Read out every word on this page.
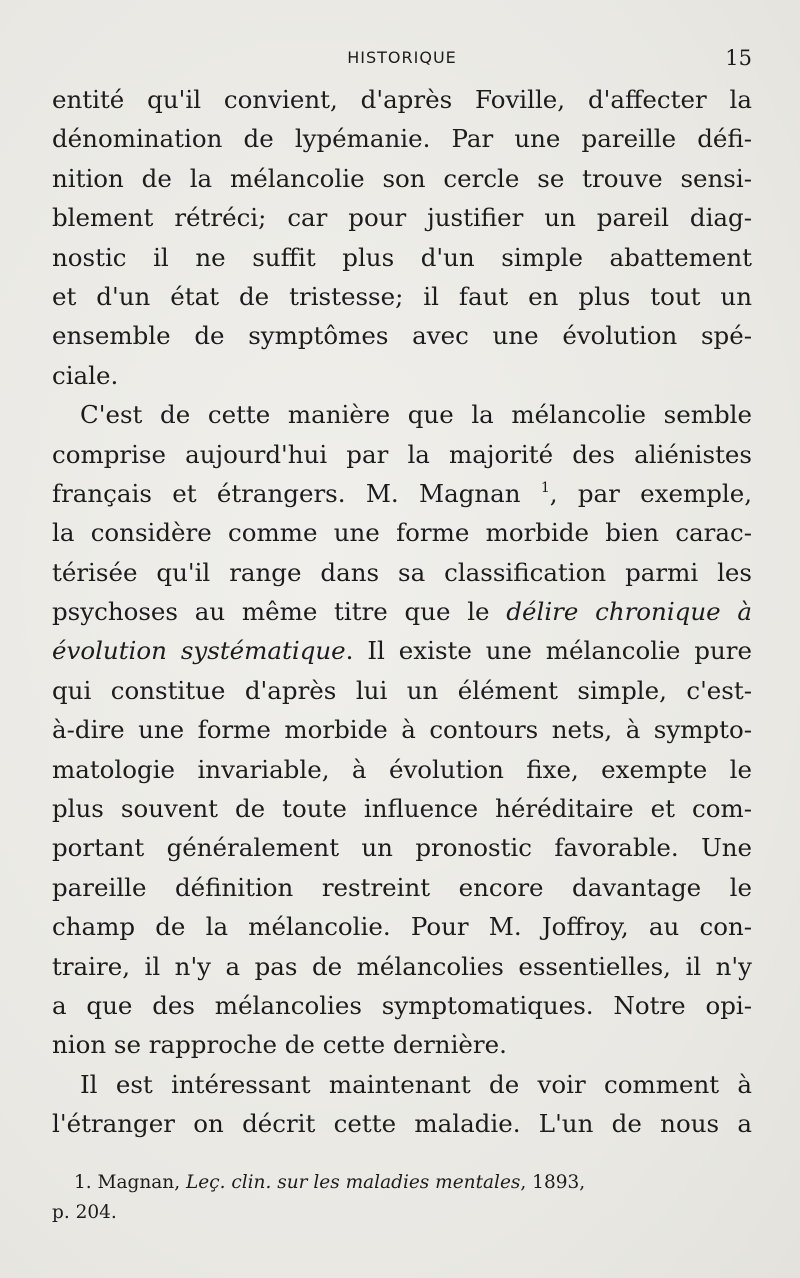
HISTORIQUE	15
entité qu'il convient, d'après Foville, d'affecter la
dénomination de lypémanie. Par une pareille défi-
nition de la mélancolie son cercle se trouve sensi-
blement rétréci; car pour justifier un pareil diag-
nostic il ne suffit plus d'un simple abattement
et d'un état de tristesse; il faut en plus tout un
ensemble de symptômes avec une évolution spé-
ciale.
C'est de cette manière que la mélancolie semble
comprise aujourd'hui par la majorité des aliénistes
français et étrangers. M. Magnan $^1$, par exemple,
la considère comme une forme morbide bien carac-
térisée qu'il range dans sa classification parmi les
psychoses au même titre que le délire chronique à
évolution systématique. Il existe une mélancolie pure
qui constitue d'après lui un élément simple, c'est-
à-dire une forme morbide à contours nets, à sympto-
matologie invariable, à évolution fixe, exempte le
plus souvent de toute influence héréditaire et com-
portant généralement un pronostic favorable. Une
pareille définition restreint encore davantage le
champ de la mélancolie. Pour M. Joffroy, au con-
traire, il n'y a pas de mélancolies essentielles, il n'y
a que des mélancolies symptomatiques. Notre opi-
nion se rapproche de cette dernière.
Il est intéressant maintenant de voir comment à
l'étranger on décrit cette maladie. L'un de nous a
1. Magnan, Leç. clin. sur les maladies mentales, 1893,
p. 204.
